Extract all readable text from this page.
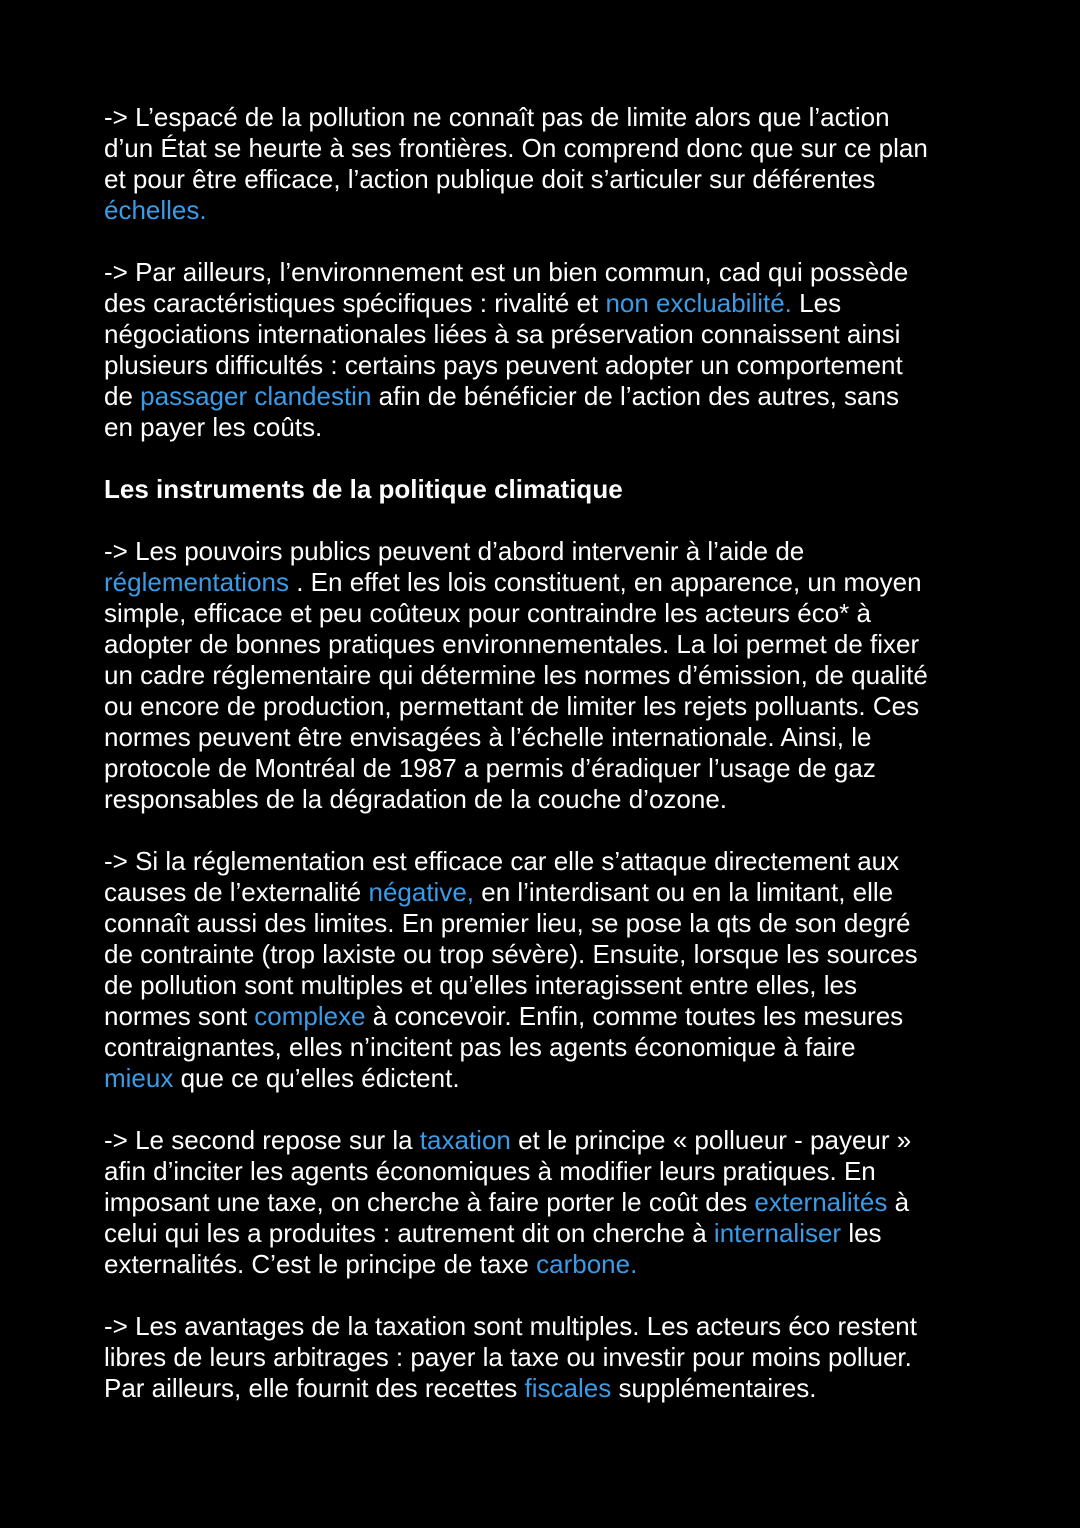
-> L’espacé de la pollution ne connaît pas de limite alors que l’action
d’un État se heurte à ses frontières. On comprend donc que sur ce plan
et pour être efficace, l’action publique doit s’articuler sur déférentes
échelles.
-> Par ailleurs, l’environnement est un bien commun, cad qui possède
des caractéristiques spécifiques : rivalité et non excluabilité. Les
négociations internationales liées à sa préservation connaissent ainsi
plusieurs difficultés : certains pays peuvent adopter un comportement
de passager clandestin afin de bénéficier de l’action des autres, sans
en payer les coûts.
Les instruments de la politique climatique
-> Les pouvoirs publics peuvent d’abord intervenir à l’aide de
réglementations . En effet les lois constituent, en apparence, un moyen
simple, efficace et peu coûteux pour contraindre les acteurs éco* à
adopter de bonnes pratiques environnementales. La loi permet de fixer
un cadre réglementaire qui détermine les normes d’émission, de qualité
ou encore de production, permettant de limiter les rejets polluants. Ces
normes peuvent être envisagées à l’échelle internationale. Ainsi, le
protocole de Montréal de 1987 a permis d’éradiquer l’usage de gaz
responsables de la dégradation de la couche d’ozone.
-> Si la réglementation est efficace car elle s’attaque directement aux
causes de l’externalité négative, en l’interdisant ou en la limitant, elle
connaît aussi des limites. En premier lieu, se pose la qts de son degré
de contrainte (trop laxiste ou trop sévère). Ensuite, lorsque les sources
de pollution sont multiples et qu’elles interagissent entre elles, les
normes sont complexe à concevoir. Enfin, comme toutes les mesures
contraignantes, elles n’incitent pas les agents économique à faire
mieux que ce qu’elles édictent.
-> Le second repose sur la taxation et le principe « pollueur - payeur »
afin d’inciter les agents économiques à modifier leurs pratiques. En
imposant une taxe, on cherche à faire porter le coût des externalités à
celui qui les a produites : autrement dit on cherche à internaliser les
externalités. C’est le principe de taxe carbone.
-> Les avantages de la taxation sont multiples. Les acteurs éco restent
libres de leurs arbitrages : payer la taxe ou investir pour moins polluer.
Par ailleurs, elle fournit des recettes fiscales supplémentaires.
